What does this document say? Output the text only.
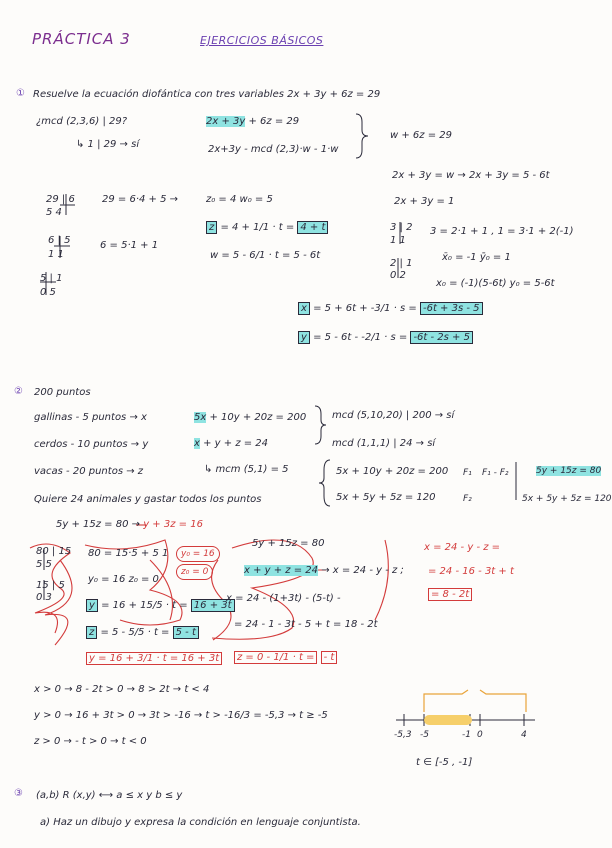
PRÁCTICA 3	EJERCICIOS BÁSICOS
① Resuelve la ecuación diofántica con tres variables 2x + 3y + 6z = 29
¿mcd (2,3,6) | 29?
↳ 1 | 29 → sí
2x + 3y + 6z = 29
2x+3y - mcd (2,3)·w - 1·w
w + 6z = 29
29 | 6
5 4
29 = 6·4 + 5 →	z₀ = 4 w₀ = 5
6 | 5
1 1
6 = 5·1 + 1
5 | 1
0 5
z = 4 + 1/1 · t = 4 + t
w = 5 - 6/1 · t = 5 - 6t
2x + 3y = w → 2x + 3y = 5 - 6t
2x + 3y = 1
3 | 2
1 1
3 = 2·1 + 1 , 1 = 3·1 + 2(-1)
2 | 1
0 2
x̄₀ = -1 ȳ₀ = 1
x₀ = (-1)(5-6t) y₀ = 5-6t
x = 5 + 6t + -3/1 · s = -6t + 3s - 5
y = 5 - 6t - -2/1 · s = -6t - 2s + 5
② 200 puntos
gallinas - 5 puntos → x
cerdos - 10 puntos → y
vacas - 20 puntos → z
Quiere 24 animales y gastar todos los puntos
5x + 10y + 20z = 200
x + y + z = 24
mcd (5,10,20) | 200 → sí
mcd (1,1,1) | 24 → sí
↳ mcm (5,1) = 5	5x + 10y + 20z = 200
5x + 5y + 5z = 120
F₁ F₁ - F₂
F₂
5y + 15z = 80
5x + 5y + 5z = 120
5y + 15z = 80 → y + 3z = 16
80 | 15
5 5
80 = 15·5 + 5 1
15 | 5
0 3
y₀ = 16 z₀ = 0
y₀ = 16
z₀ = 0
y = 16 + 15/5 · t = 16 + 3t
z = 5 - 5/5 · t = 5 - t
y = 16 + 3/1 · t = 16 + 3t	z = 0 - 1/1 · t = - t
5y + 15z = 80
x + y + z = 24 → x = 24 - y - z ;
x = 24 - (1+3t) - (5-t) -
= 24 - 1 - 3t - 5 + t = 18 - 2t
x = 24 - y - z =
= 24 - 16 - 3t + t
= 8 - 2t
x > 0 → 8 - 2t > 0 → 8 > 2t → t < 4
y > 0 → 16 + 3t > 0 → 3t > -16 → t > -16/3 = -5,3 → t ≥ -5
z > 0 → - t > 0 → t < 0
-5,3 -5	-1 0	4
t ∈ [-5 , -1]
③ (a,b) R (x,y) ⟷ a ≤ x y b ≤ y
a) Haz un dibujo y expresa la condición en lenguaje conjuntista.
